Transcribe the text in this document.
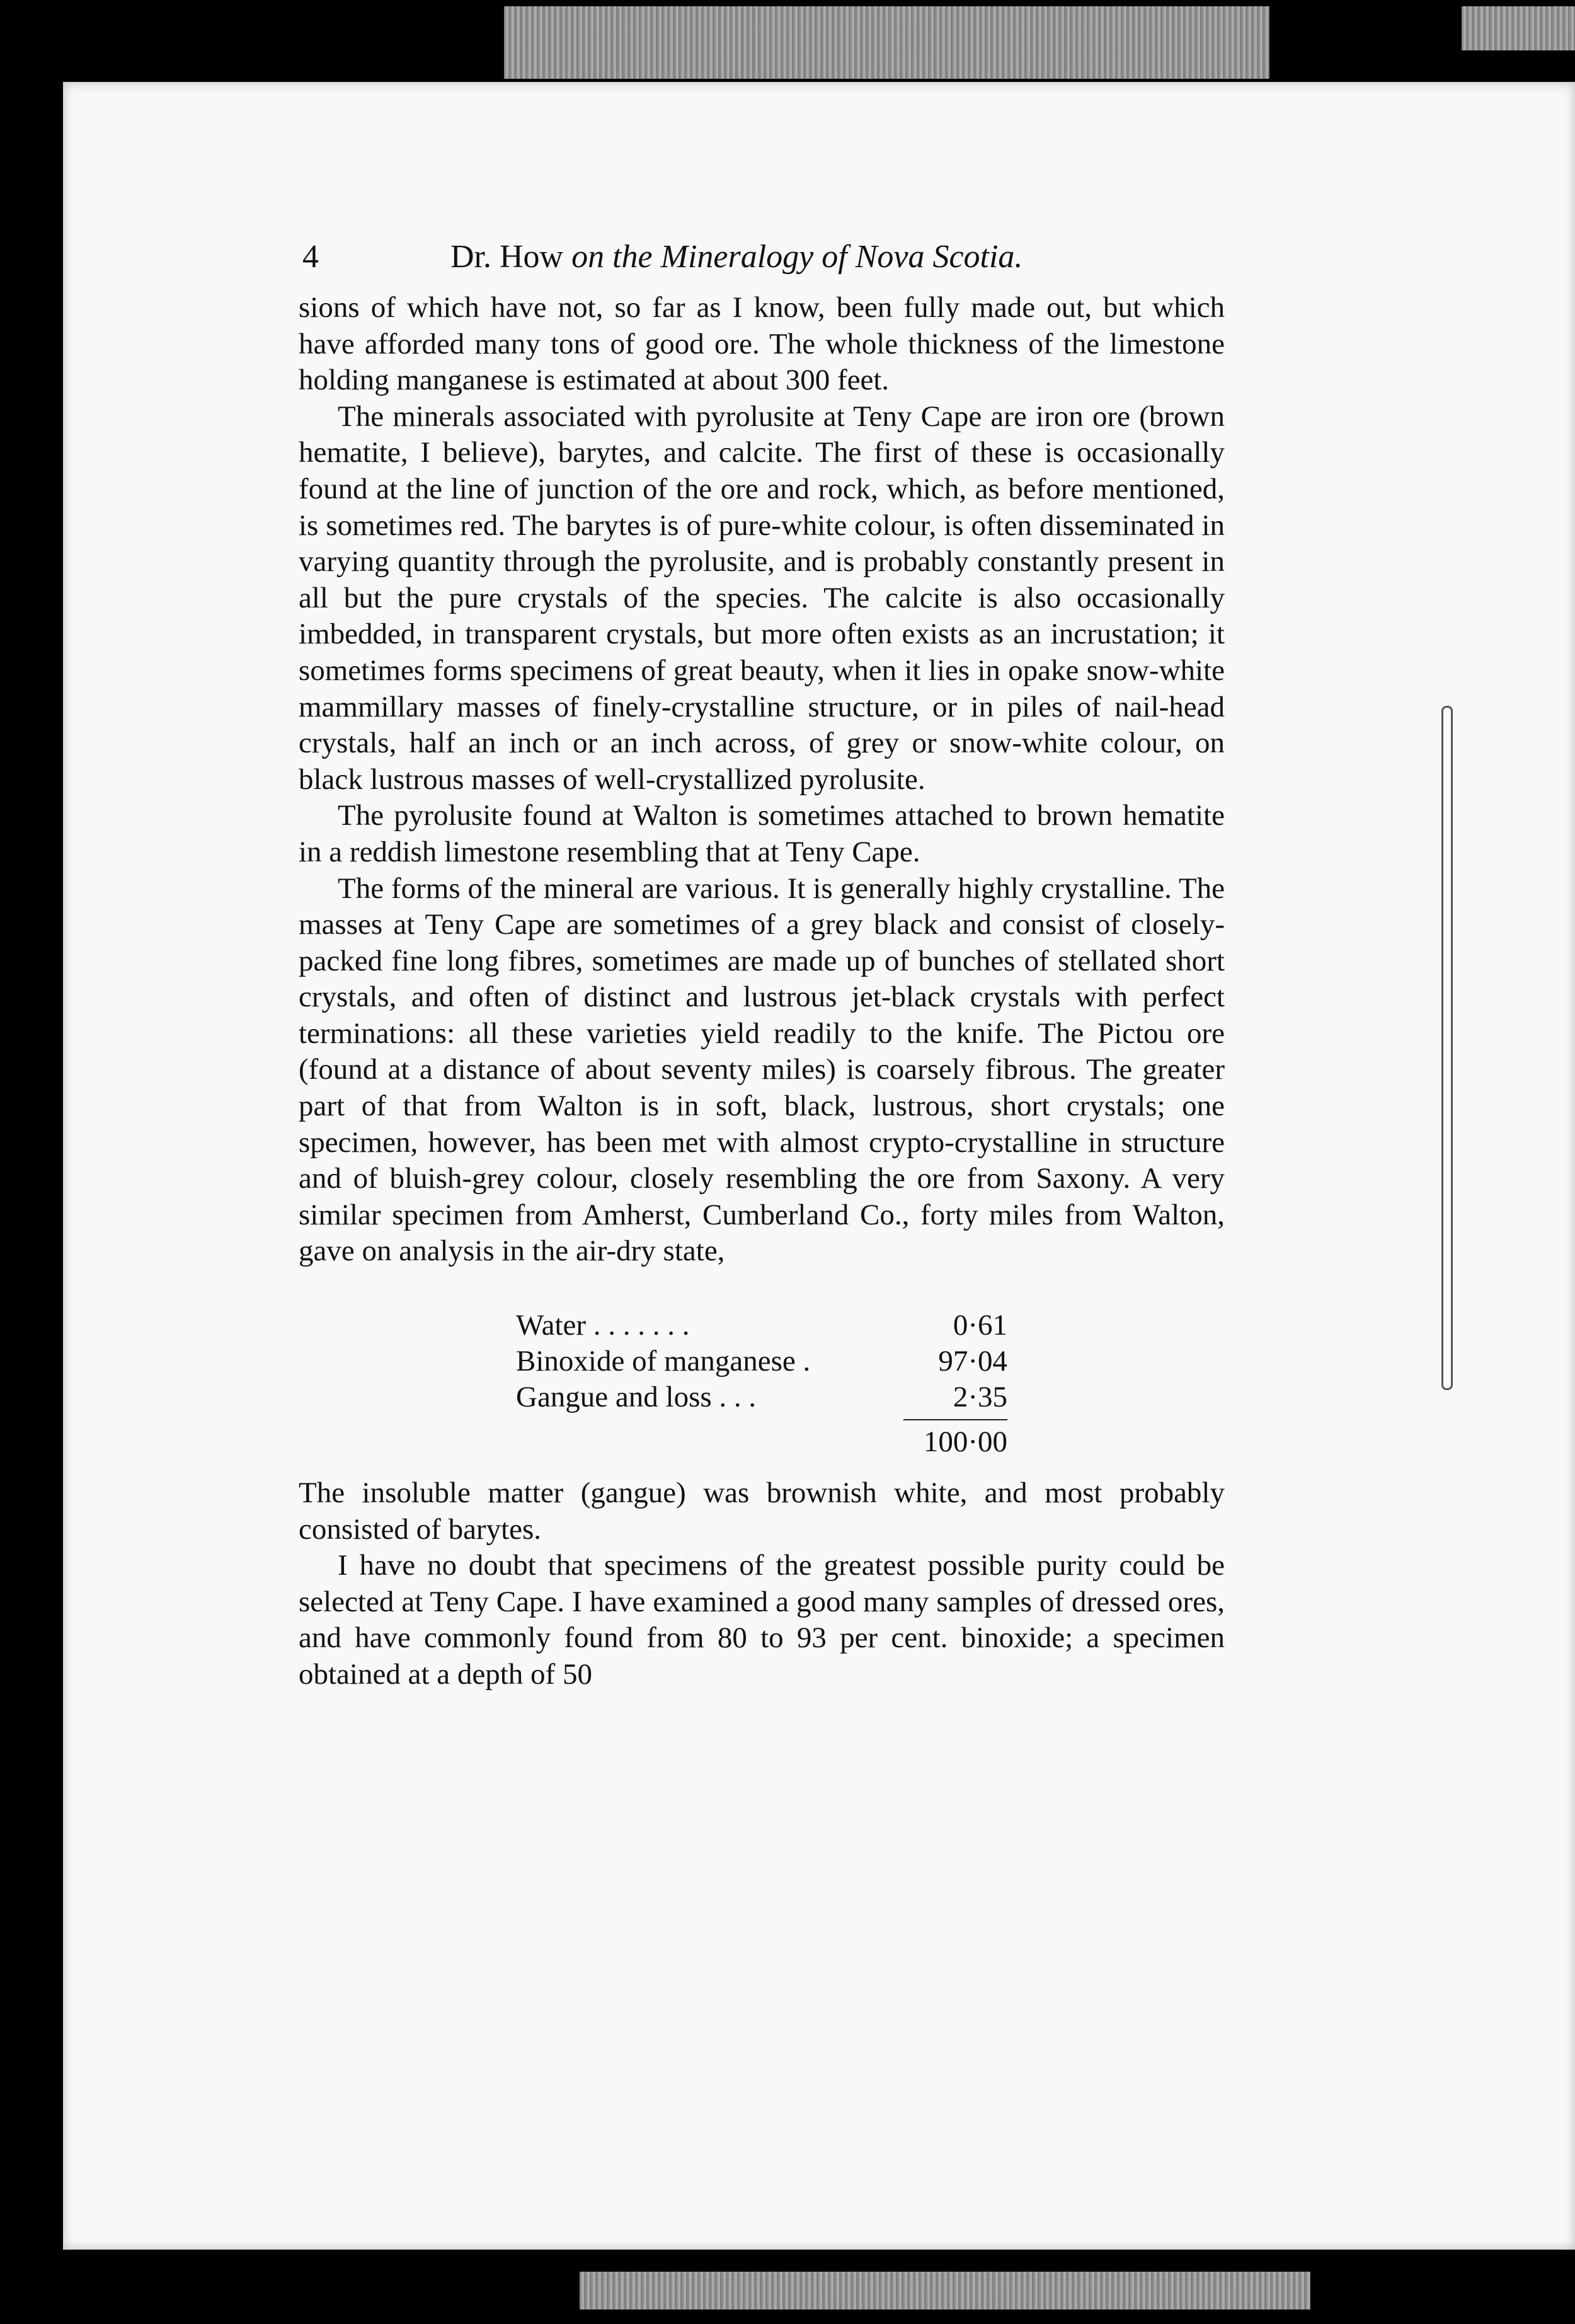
4	Dr. How on the Mineralogy of Nova Scotia.

sions of which have not, so far as I know, been fully made out, but which have afforded many tons of good ore. The whole thickness of the limestone holding manganese is estimated at about 300 feet.

The minerals associated with pyrolusite at Teny Cape are iron ore (brown hematite, I believe), barytes, and calcite. The first of these is occasionally found at the line of junction of the ore and rock, which, as before mentioned, is sometimes red. The barytes is of pure-white colour, is often disseminated in varying quantity through the pyrolusite, and is probably constantly present in all but the pure crystals of the species. The calcite is also occasionally imbedded, in transparent crystals, but more often exists as an incrustation; it sometimes forms specimens of great beauty, when it lies in opake snow-white mammillary masses of finely-crystalline structure, or in piles of nail-head crystals, half an inch or an inch across, of grey or snow-white colour, on black lustrous masses of well-crystallized pyrolusite.

The pyrolusite found at Walton is sometimes attached to brown hematite in a reddish limestone resembling that at Teny Cape.

The forms of the mineral are various. It is generally highly crystalline. The masses at Teny Cape are sometimes of a grey black and consist of closely-packed fine long fibres, sometimes are made up of bunches of stellated short crystals, and often of distinct and lustrous jet-black crystals with perfect terminations: all these varieties yield readily to the knife. The Pictou ore (found at a distance of about seventy miles) is coarsely fibrous. The greater part of that from Walton is in soft, black, lustrous, short crystals; one specimen, however, has been met with almost crypto-crystalline in structure and of bluish-grey colour, closely resembling the ore from Saxony. A very similar specimen from Amherst, Cumberland Co., forty miles from Walton, gave on analysis in the air-dry state,

Water . . . . . . .	0·61
Binoxide of manganese .	97·04
Gangue and loss . . .	2·35
100·00

The insoluble matter (gangue) was brownish white, and most probably consisted of barytes.

I have no doubt that specimens of the greatest possible purity could be selected at Teny Cape. I have examined a good many samples of dressed ores, and have commonly found from 80 to 93 per cent. binoxide; a specimen obtained at a depth of 50
